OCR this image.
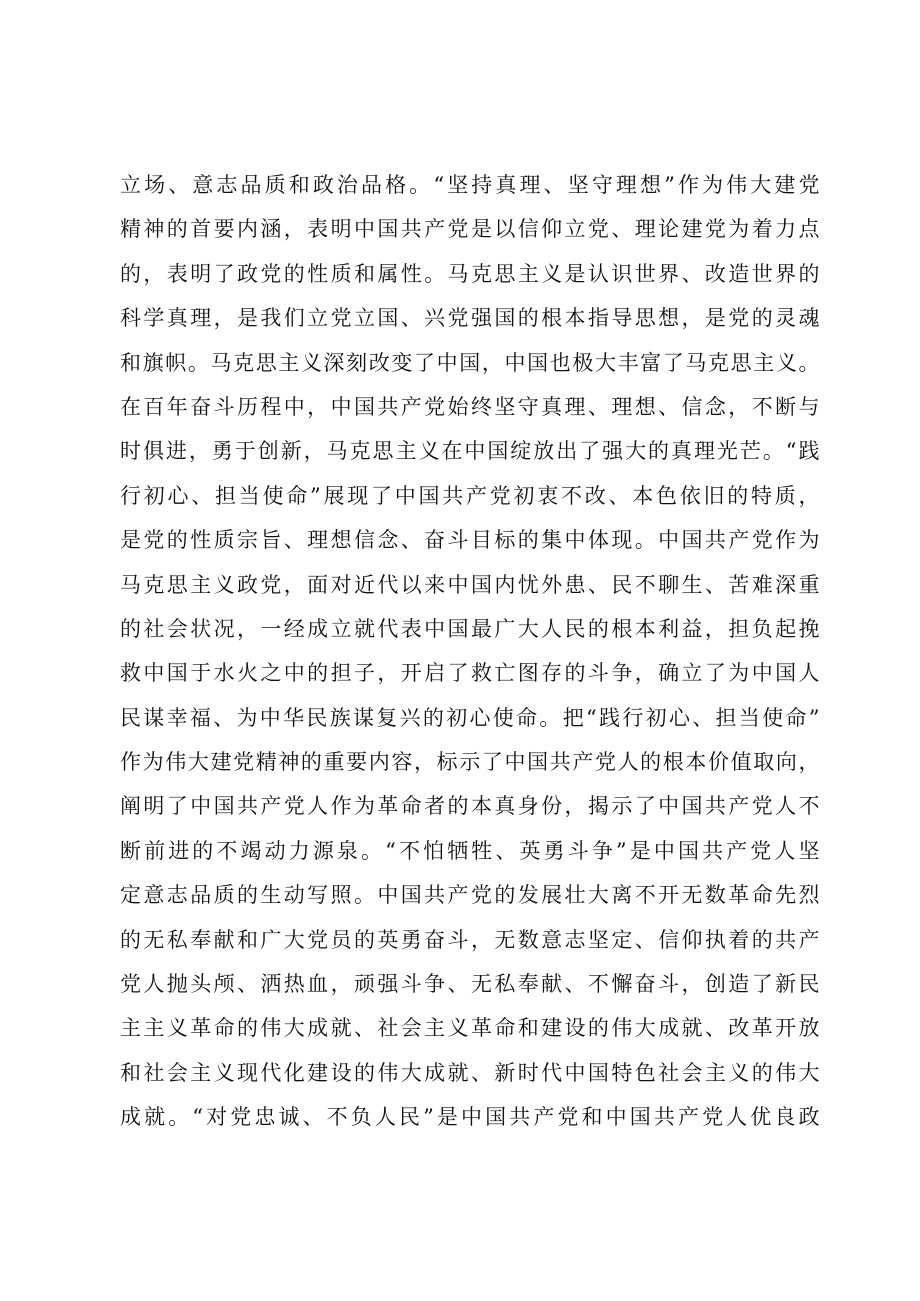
立场、意志品质和政治品格。“坚持真理、坚守理想”作为伟大建党
精神的首要内涵，表明中国共产党是以信仰立党、理论建党为着力点
的，表明了政党的性质和属性。马克思主义是认识世界、改造世界的
科学真理，是我们立党立国、兴党强国的根本指导思想，是党的灵魂
和旗帜。马克思主义深刻改变了中国，中国也极大丰富了马克思主义。
在百年奋斗历程中，中国共产党始终坚守真理、理想、信念，不断与
时俱进，勇于创新，马克思主义在中国绽放出了强大的真理光芒。“践
行初心、担当使命”展现了中国共产党初衷不改、本色依旧的特质，
是党的性质宗旨、理想信念、奋斗目标的集中体现。中国共产党作为
马克思主义政党，面对近代以来中国内忧外患、民不聊生、苦难深重
的社会状况，一经成立就代表中国最广大人民的根本利益，担负起挽
救中国于水火之中的担子，开启了救亡图存的斗争，确立了为中国人
民谋幸福、为中华民族谋复兴的初心使命。把“践行初心、担当使命”
作为伟大建党精神的重要内容，标示了中国共产党人的根本价值取向，
阐明了中国共产党人作为革命者的本真身份，揭示了中国共产党人不
断前进的不竭动力源泉。“不怕牺牲、英勇斗争”是中国共产党人坚
定意志品质的生动写照。中国共产党的发展壮大离不开无数革命先烈
的无私奉献和广大党员的英勇奋斗，无数意志坚定、信仰执着的共产
党人抛头颅、洒热血，顽强斗争、无私奉献、不懈奋斗，创造了新民
主主义革命的伟大成就、社会主义革命和建设的伟大成就、改革开放
和社会主义现代化建设的伟大成就、新时代中国特色社会主义的伟大
成就。“对党忠诚、不负人民”是中国共产党和中国共产党人优良政
